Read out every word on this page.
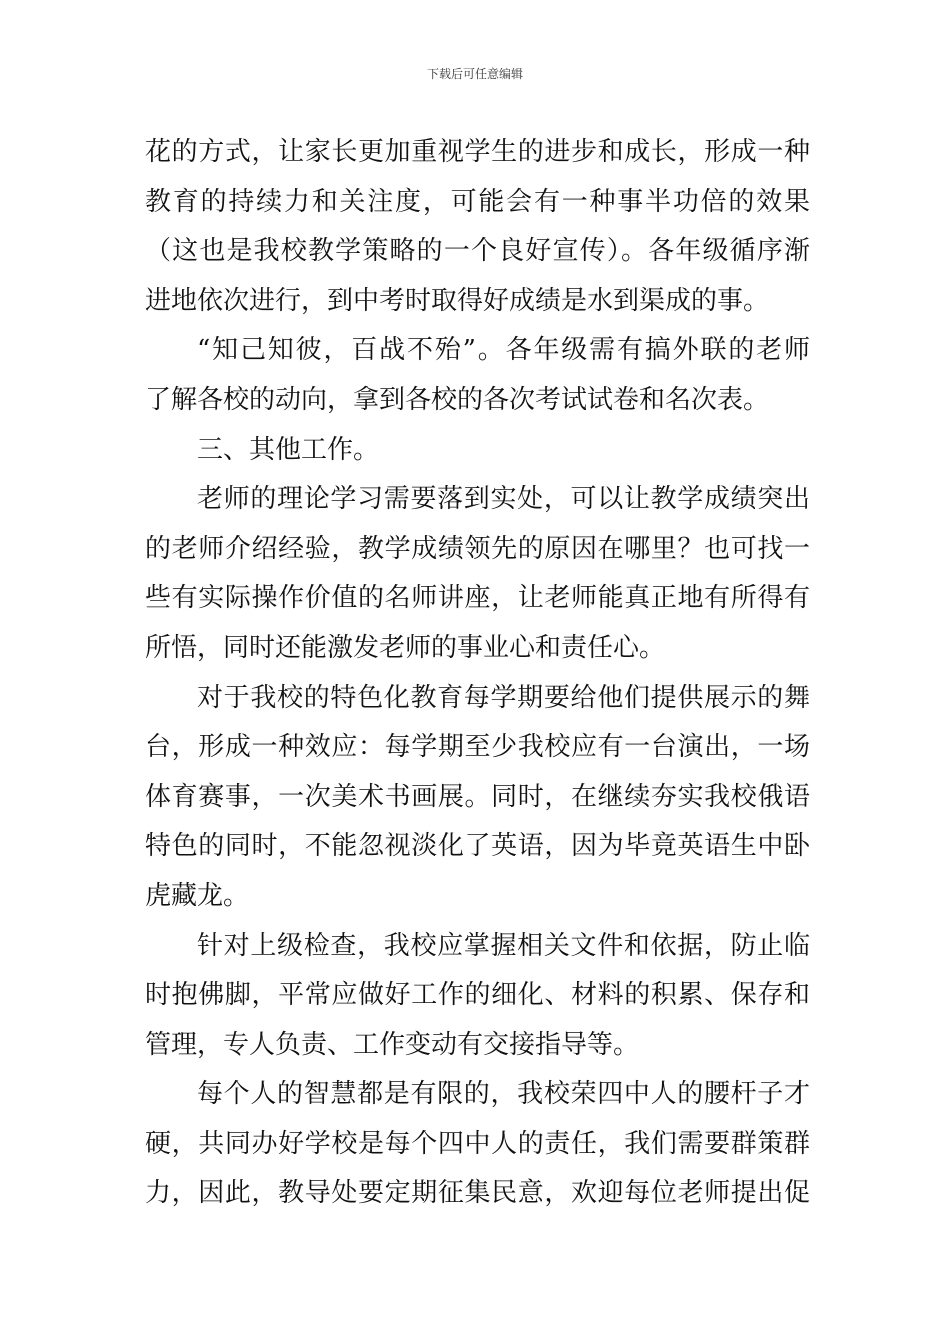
下载后可任意编辑
花的方式，让家长更加重视学生的进步和成长，形成一种
教育的持续力和关注度，可能会有一种事半功倍的效果
（这也是我校教学策略的一个良好宣传）。各年级循序渐
进地依次进行，到中考时取得好成绩是水到渠成的事。
“知己知彼，百战不殆”。各年级需有搞外联的老师
了解各校的动向，拿到各校的各次考试试卷和名次表。
三、其他工作。
老师的理论学习需要落到实处，可以让教学成绩突出
的老师介绍经验，教学成绩领先的原因在哪里？也可找一
些有实际操作价值的名师讲座，让老师能真正地有所得有
所悟，同时还能激发老师的事业心和责任心。
对于我校的特色化教育每学期要给他们提供展示的舞
台，形成一种效应：每学期至少我校应有一台演出，一场
体育赛事，一次美术书画展。同时，在继续夯实我校俄语
特色的同时，不能忽视淡化了英语，因为毕竟英语生中卧
虎藏龙。
针对上级检查，我校应掌握相关文件和依据，防止临
时抱佛脚，平常应做好工作的细化、材料的积累、保存和
管理，专人负责、工作变动有交接指导等。
每个人的智慧都是有限的，我校荣四中人的腰杆子才
硬，共同办好学校是每个四中人的责任，我们需要群策群
力，因此，教导处要定期征集民意，欢迎每位老师提出促
